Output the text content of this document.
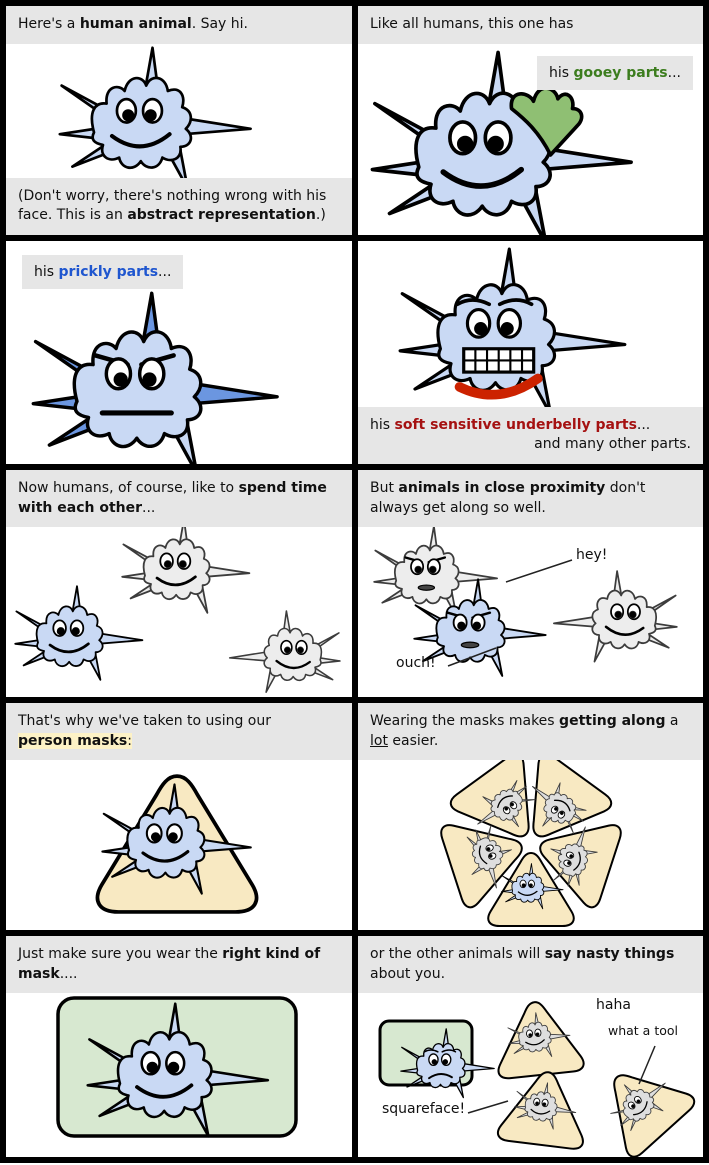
Here's a human animal. Say hi.
(Don't worry, there's nothing wrong with his face. This is an abstract representation.)
Like all humans, this one has
his gooey parts...
his prickly parts...
his soft sensitive underbelly parts...
and many other parts.
Now humans, of course, like to spend time with each other...
But animals in close proximity don't always get along so well.
hey!
ouch!
That's why we've taken to using our
person masks:
Wearing the masks makes getting along a lot easier.
Just make sure you wear the right kind of mask....
or the other animals will say nasty things about you.
haha
what a tool
squareface!
